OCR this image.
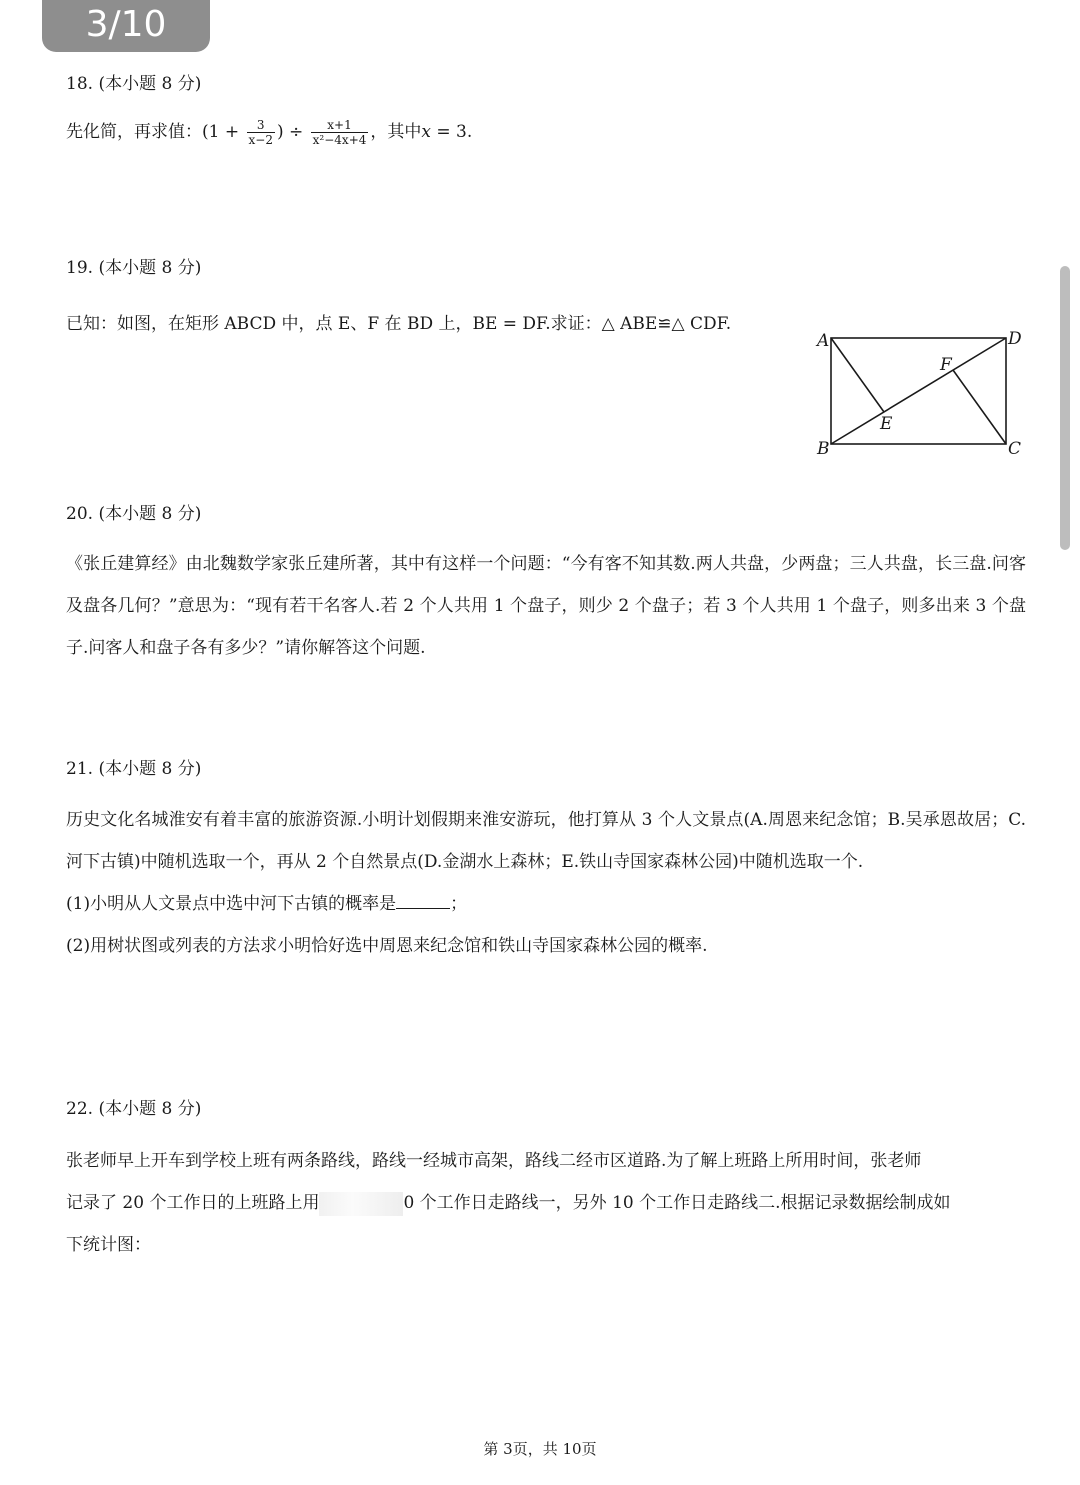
3/10
18. (本小题 8 分)
先化简，再求值：($1 + \frac{3}{x-2}$ ) ÷ $\frac{x+1}{\text{x²−4x+4}}$ ，其中x = 3.
19. (本小题 8 分)
已知：如图，在矩形 ABCD 中，点 E、F 在 BD 上，BE = DF.求证：△ ABE≌△ CDF.
A	D
B	C
E
F
20. (本小题 8 分)
《张丘建算经》由北魏数学家张丘建所著，其中有这样一个问题：“今有客不知其数.两人共盘，少两盘；三人共盘，长三盘.问客及盘各几何？”意思为：“现有若干名客人.若 2 个人共用 1 个盘子，则少 2 个盘子；若 3 个人共用 1 个盘子，则多出来 3 个盘子.问客人和盘子各有多少？”请你解答这个问题.
21. (本小题 8 分)
历史文化名城淮安有着丰富的旅游资源.小明计划假期来淮安游玩，他打算从 3 个人文景点(A.周恩来纪念馆；B.吴承恩故居；C.河下古镇)中随机选取一个，再从 2 个自然景点(D.金湖水上森林；E.铁山寺国家森林公园)中随机选取一个.
(1)小明从人文景点中选中河下古镇的概率是	；
(2)用树状图或列表的方法求小明恰好选中周恩来纪念馆和铁山寺国家森林公园的概率.
22. (本小题 8 分)
张老师早上开车到学校上班有两条路线，路线一经城市高架，路线二经市区道路.为了解上班路上所用时间，张老师
记录了 20 个工作日的上班路上用	0 个工作日走路线一，另外 10 个工作日走路线二.根据记录数据绘制成如
下统计图：
第 3页，共 10页
